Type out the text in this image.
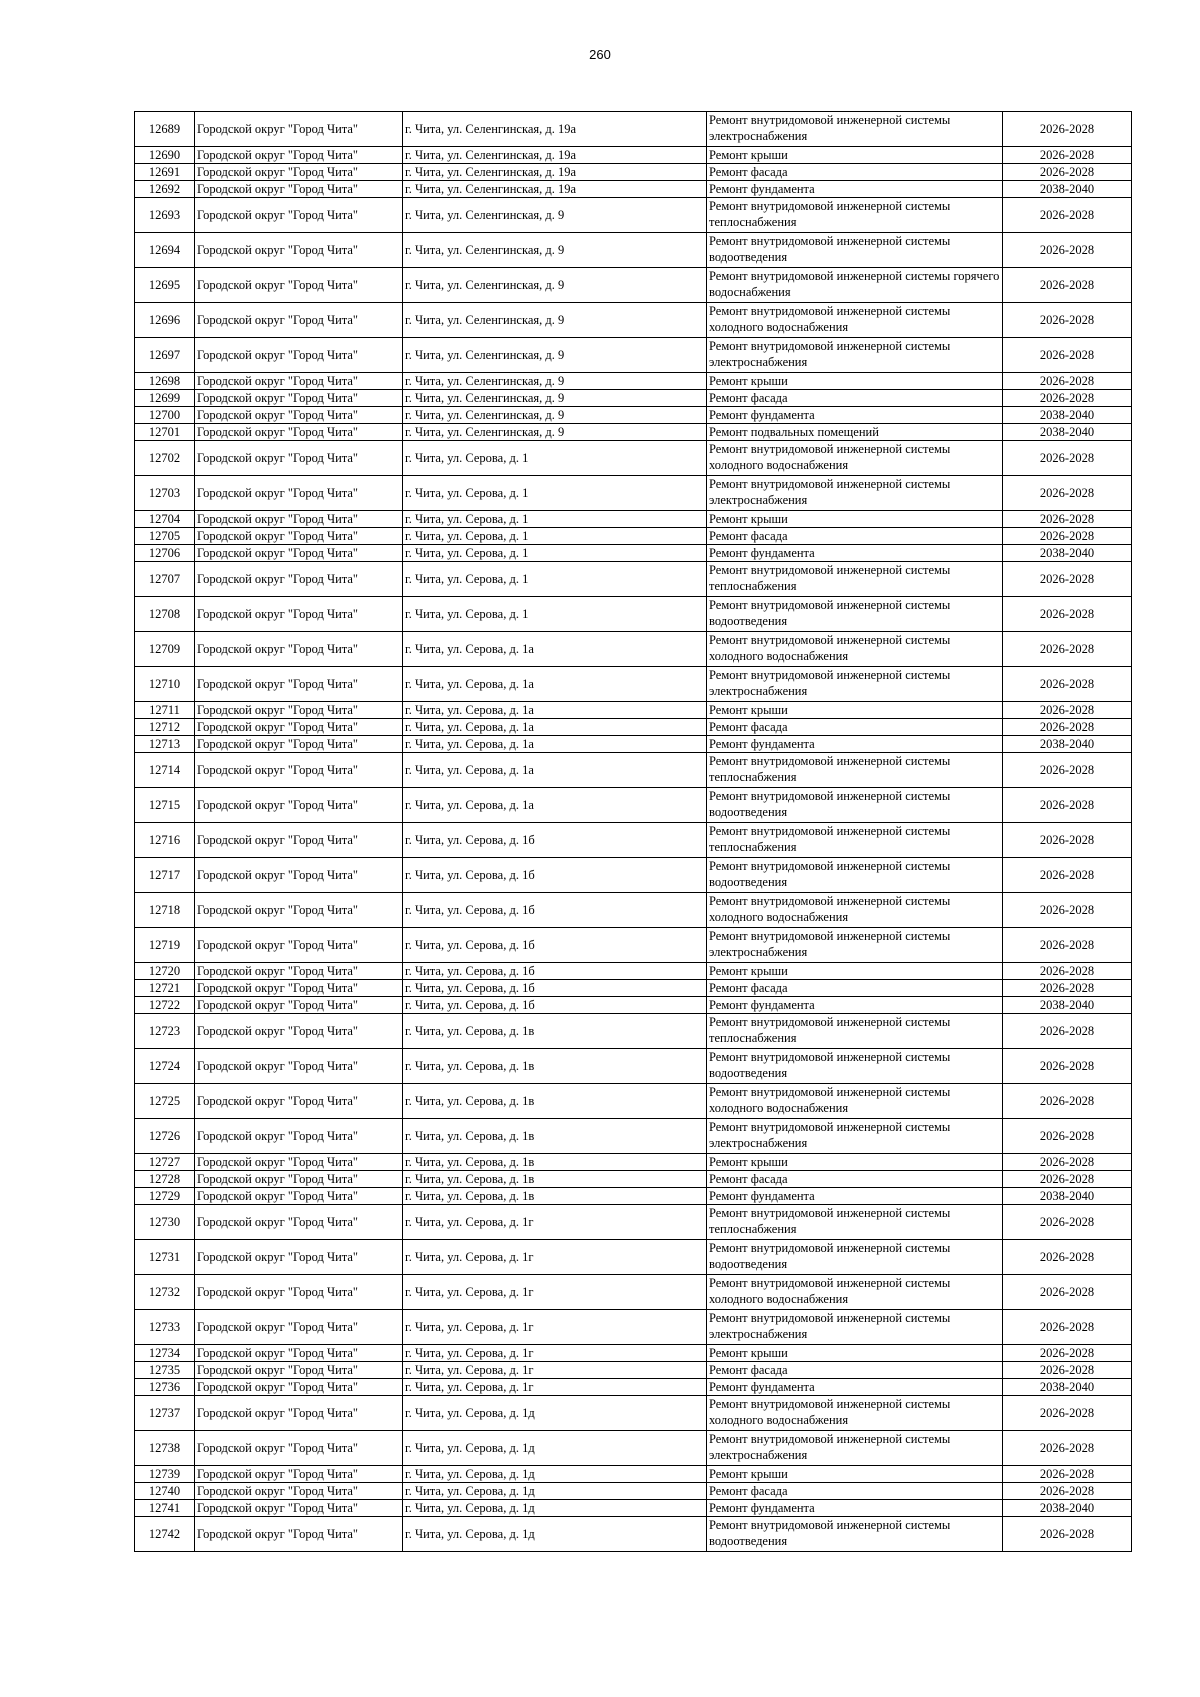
260
12689	Городской округ "Город Чита"	г. Чита, ул. Селенгинская, д. 19а	Ремонт внутридомовой инженерной системы электроснабжения	2026-2028
12690	Городской округ "Город Чита"	г. Чита, ул. Селенгинская, д. 19а	Ремонт крыши	2026-2028
12691	Городской округ "Город Чита"	г. Чита, ул. Селенгинская, д. 19а	Ремонт фасада	2026-2028
12692	Городской округ "Город Чита"	г. Чита, ул. Селенгинская, д. 19а	Ремонт фундамента	2038-2040
12693	Городской округ "Город Чита"	г. Чита, ул. Селенгинская, д. 9	Ремонт внутридомовой инженерной системы теплоснабжения	2026-2028
12694	Городской округ "Город Чита"	г. Чита, ул. Селенгинская, д. 9	Ремонт внутридомовой инженерной системы водоотведения	2026-2028
12695	Городской округ "Город Чита"	г. Чита, ул. Селенгинская, д. 9	Ремонт внутридомовой инженерной системы горячего водоснабжения	2026-2028
12696	Городской округ "Город Чита"	г. Чита, ул. Селенгинская, д. 9	Ремонт внутридомовой инженерной системы холодного водоснабжения	2026-2028
12697	Городской округ "Город Чита"	г. Чита, ул. Селенгинская, д. 9	Ремонт внутридомовой инженерной системы электроснабжения	2026-2028
12698	Городской округ "Город Чита"	г. Чита, ул. Селенгинская, д. 9	Ремонт крыши	2026-2028
12699	Городской округ "Город Чита"	г. Чита, ул. Селенгинская, д. 9	Ремонт фасада	2026-2028
12700	Городской округ "Город Чита"	г. Чита, ул. Селенгинская, д. 9	Ремонт фундамента	2038-2040
12701	Городской округ "Город Чита"	г. Чита, ул. Селенгинская, д. 9	Ремонт подвальных помещений	2038-2040
12702	Городской округ "Город Чита"	г. Чита, ул. Серова, д. 1	Ремонт внутридомовой инженерной системы холодного водоснабжения	2026-2028
12703	Городской округ "Город Чита"	г. Чита, ул. Серова, д. 1	Ремонт внутридомовой инженерной системы электроснабжения	2026-2028
12704	Городской округ "Город Чита"	г. Чита, ул. Серова, д. 1	Ремонт крыши	2026-2028
12705	Городской округ "Город Чита"	г. Чита, ул. Серова, д. 1	Ремонт фасада	2026-2028
12706	Городской округ "Город Чита"	г. Чита, ул. Серова, д. 1	Ремонт фундамента	2038-2040
12707	Городской округ "Город Чита"	г. Чита, ул. Серова, д. 1	Ремонт внутридомовой инженерной системы теплоснабжения	2026-2028
12708	Городской округ "Город Чита"	г. Чита, ул. Серова, д. 1	Ремонт внутридомовой инженерной системы водоотведения	2026-2028
12709	Городской округ "Город Чита"	г. Чита, ул. Серова, д. 1а	Ремонт внутридомовой инженерной системы холодного водоснабжения	2026-2028
12710	Городской округ "Город Чита"	г. Чита, ул. Серова, д. 1а	Ремонт внутридомовой инженерной системы электроснабжения	2026-2028
12711	Городской округ "Город Чита"	г. Чита, ул. Серова, д. 1а	Ремонт крыши	2026-2028
12712	Городской округ "Город Чита"	г. Чита, ул. Серова, д. 1а	Ремонт фасада	2026-2028
12713	Городской округ "Город Чита"	г. Чита, ул. Серова, д. 1а	Ремонт фундамента	2038-2040
12714	Городской округ "Город Чита"	г. Чита, ул. Серова, д. 1а	Ремонт внутридомовой инженерной системы теплоснабжения	2026-2028
12715	Городской округ "Город Чита"	г. Чита, ул. Серова, д. 1а	Ремонт внутридомовой инженерной системы водоотведения	2026-2028
12716	Городской округ "Город Чита"	г. Чита, ул. Серова, д. 1б	Ремонт внутридомовой инженерной системы теплоснабжения	2026-2028
12717	Городской округ "Город Чита"	г. Чита, ул. Серова, д. 1б	Ремонт внутридомовой инженерной системы водоотведения	2026-2028
12718	Городской округ "Город Чита"	г. Чита, ул. Серова, д. 1б	Ремонт внутридомовой инженерной системы холодного водоснабжения	2026-2028
12719	Городской округ "Город Чита"	г. Чита, ул. Серова, д. 1б	Ремонт внутридомовой инженерной системы электроснабжения	2026-2028
12720	Городской округ "Город Чита"	г. Чита, ул. Серова, д. 1б	Ремонт крыши	2026-2028
12721	Городской округ "Город Чита"	г. Чита, ул. Серова, д. 1б	Ремонт фасада	2026-2028
12722	Городской округ "Город Чита"	г. Чита, ул. Серова, д. 1б	Ремонт фундамента	2038-2040
12723	Городской округ "Город Чита"	г. Чита, ул. Серова, д. 1в	Ремонт внутридомовой инженерной системы теплоснабжения	2026-2028
12724	Городской округ "Город Чита"	г. Чита, ул. Серова, д. 1в	Ремонт внутридомовой инженерной системы водоотведения	2026-2028
12725	Городской округ "Город Чита"	г. Чита, ул. Серова, д. 1в	Ремонт внутридомовой инженерной системы холодного водоснабжения	2026-2028
12726	Городской округ "Город Чита"	г. Чита, ул. Серова, д. 1в	Ремонт внутридомовой инженерной системы электроснабжения	2026-2028
12727	Городской округ "Город Чита"	г. Чита, ул. Серова, д. 1в	Ремонт крыши	2026-2028
12728	Городской округ "Город Чита"	г. Чита, ул. Серова, д. 1в	Ремонт фасада	2026-2028
12729	Городской округ "Город Чита"	г. Чита, ул. Серова, д. 1в	Ремонт фундамента	2038-2040
12730	Городской округ "Город Чита"	г. Чита, ул. Серова, д. 1г	Ремонт внутридомовой инженерной системы теплоснабжения	2026-2028
12731	Городской округ "Город Чита"	г. Чита, ул. Серова, д. 1г	Ремонт внутридомовой инженерной системы водоотведения	2026-2028
12732	Городской округ "Город Чита"	г. Чита, ул. Серова, д. 1г	Ремонт внутридомовой инженерной системы холодного водоснабжения	2026-2028
12733	Городской округ "Город Чита"	г. Чита, ул. Серова, д. 1г	Ремонт внутридомовой инженерной системы электроснабжения	2026-2028
12734	Городской округ "Город Чита"	г. Чита, ул. Серова, д. 1г	Ремонт крыши	2026-2028
12735	Городской округ "Город Чита"	г. Чита, ул. Серова, д. 1г	Ремонт фасада	2026-2028
12736	Городской округ "Город Чита"	г. Чита, ул. Серова, д. 1г	Ремонт фундамента	2038-2040
12737	Городской округ "Город Чита"	г. Чита, ул. Серова, д. 1д	Ремонт внутридомовой инженерной системы холодного водоснабжения	2026-2028
12738	Городской округ "Город Чита"	г. Чита, ул. Серова, д. 1д	Ремонт внутридомовой инженерной системы электроснабжения	2026-2028
12739	Городской округ "Город Чита"	г. Чита, ул. Серова, д. 1д	Ремонт крыши	2026-2028
12740	Городской округ "Город Чита"	г. Чита, ул. Серова, д. 1д	Ремонт фасада	2026-2028
12741	Городской округ "Город Чита"	г. Чита, ул. Серова, д. 1д	Ремонт фундамента	2038-2040
12742	Городской округ "Город Чита"	г. Чита, ул. Серова, д. 1д	Ремонт внутридомовой инженерной системы водоотведения	2026-2028
